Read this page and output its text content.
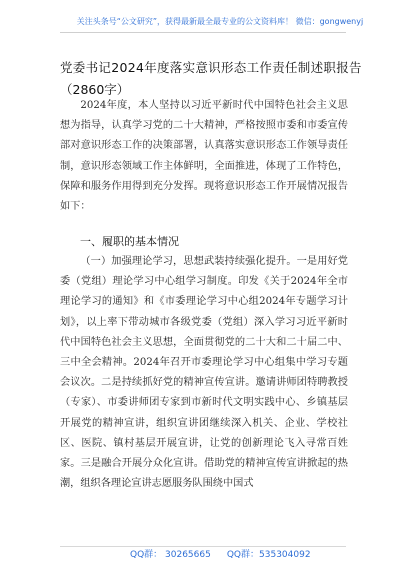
关注头条号“公文研究”，获得最新最全最专业的公文资料库！ 微信：gongwenyj
党委书记2024年度落实意识形态工作责任制述职报告
（2860字）
2024年度，本人坚持以习近平新时代中国特色社会主义思想为指导，认真学习党的二十大精神，严格按照市委和市委宣传部对意识形态工作的决策部署，认真落实意识形态工作领导责任制，意识形态领域工作主体鲜明，全面推进，体现了工作特色，保障和服务作用得到充分发挥。现将意识形态工作开展情况报告如下：
一、履职的基本情况
（一）加强理论学习，思想武装持续强化提升。一是用好党委（党组）理论学习中心组学习制度。印发《关于2024年全市理论学习的通知》和《市委理论学习中心组2024年专题学习计划》，以上率下带动城市各级党委（党组）深入学习习近平新时代中国特色社会主义思想，全面贯彻党的二十大和二十届二中、三中全会精神。2024年召开市委理论学习中心组集中学习专题会议次。二是持续抓好党的精神宣传宣讲。邀请讲师团特聘教授（专家）、市委讲师团专家到市新时代文明实践中心、乡镇基层开展党的精神宣讲，组织宣讲团继续深入机关、企业、学校社区、医院、镇村基层开展宣讲，让党的创新理论飞入寻常百姓家。三是融合开展分众化宣讲。借助党的精神宣传宣讲掀起的热潮，组织各理论宣讲志愿服务队围绕中国式
QQ群： 30265665 QQ群：535304092
